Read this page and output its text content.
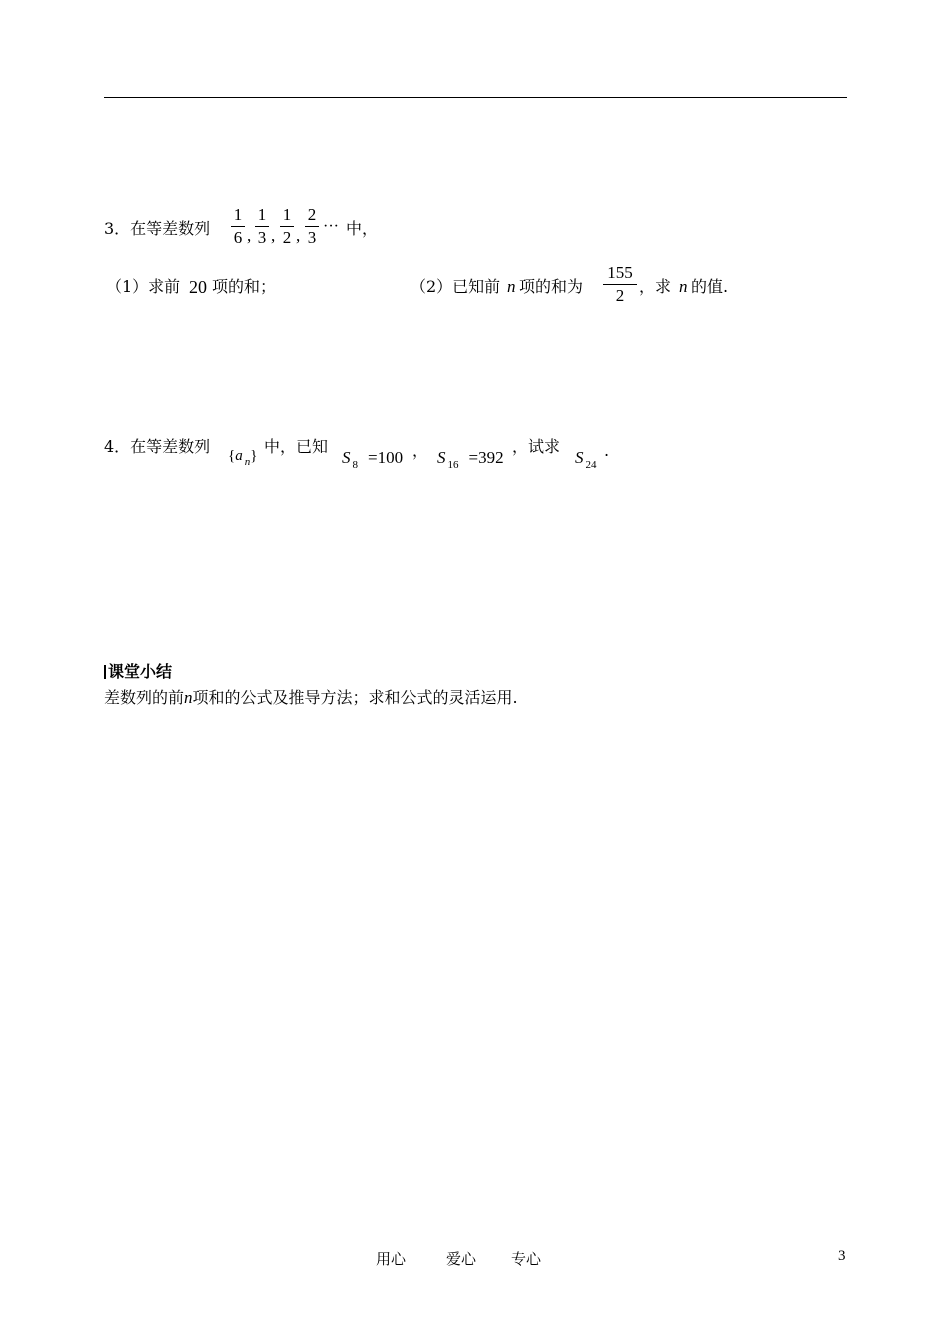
3．在等差数列
1
6 ,
1
3 ,
1
2 ,
2
3
··· 中，
（1）求前 20 项的和；	（2）已知前 n 项的和为
155
2 ，求 n 的值.
4．在等差数列 {a $_n$} 中，已知
S $_8$ =100 ， S $_{16}$ =392
，试求
S $_{24}$
.
课堂小结
差数列的前n项和的公式及推导方法；求和公式的灵活运用.
用心	爱心 专心	3
